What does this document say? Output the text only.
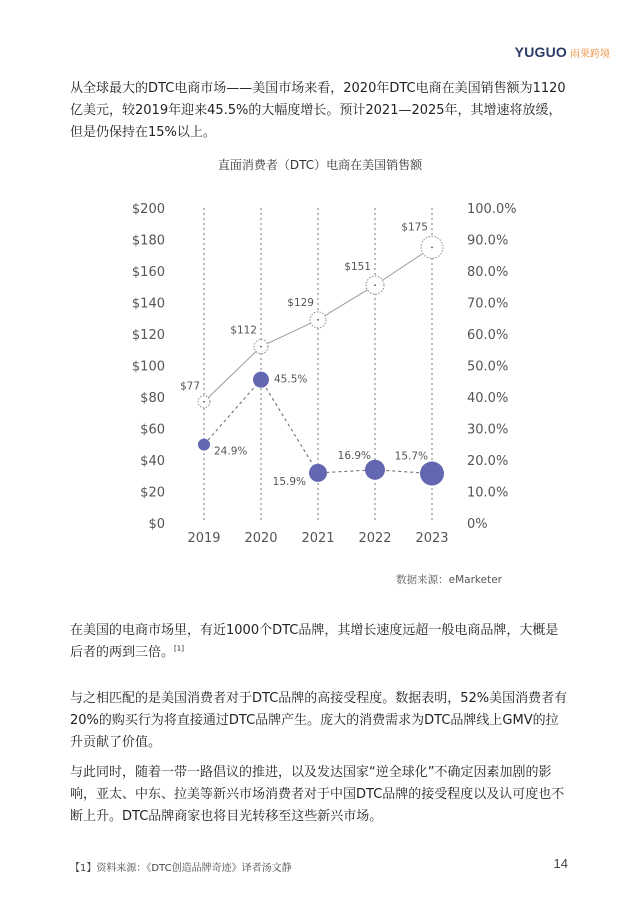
YUGUO 雨果跨境

从全球最大的DTC电商市场——美国市场来看，2020年DTC电商在美国销售额为1120亿美元，较2019年迎来45.5%的大幅度增长。预计2021—2025年，其增速将放缓，但是仍保持在15%以上。

直面消费者（DTC）电商在美国销售额
$0
$20
$40
$60
$80
$100
$120
$140
$160
$180
$200
0%
10.0%
20.0%
30.0%
40.0%
50.0%
60.0%
70.0%
80.0%
90.0%
100.0%
2019 2020 2021 2022 2023
$77
$112
$129
$151
$175
24.9%
45.5%
15.9%
16.9% 15.7%
数据来源：eMarketer

在美国的电商市场里，有近1000个DTC品牌，其增长速度远超一般电商品牌，大概是后者的两到三倍。[1]

与之相匹配的是美国消费者对于DTC品牌的高接受程度。数据表明，52%美国消费者有20%的购买行为将直接通过DTC品牌产生。庞大的消费需求为DTC品牌线上GMV的拉升贡献了价值。

与此同时，随着一带一路倡议的推进，以及发达国家“逆全球化”不确定因素加剧的影响，亚太、中东、拉美等新兴市场消费者对于中国DTC品牌的接受程度以及认可度也不断上升。DTC品牌商家也将目光转移至这些新兴市场。

【1】资料来源：《DTC创造品牌奇迹》译者汤文静	14
